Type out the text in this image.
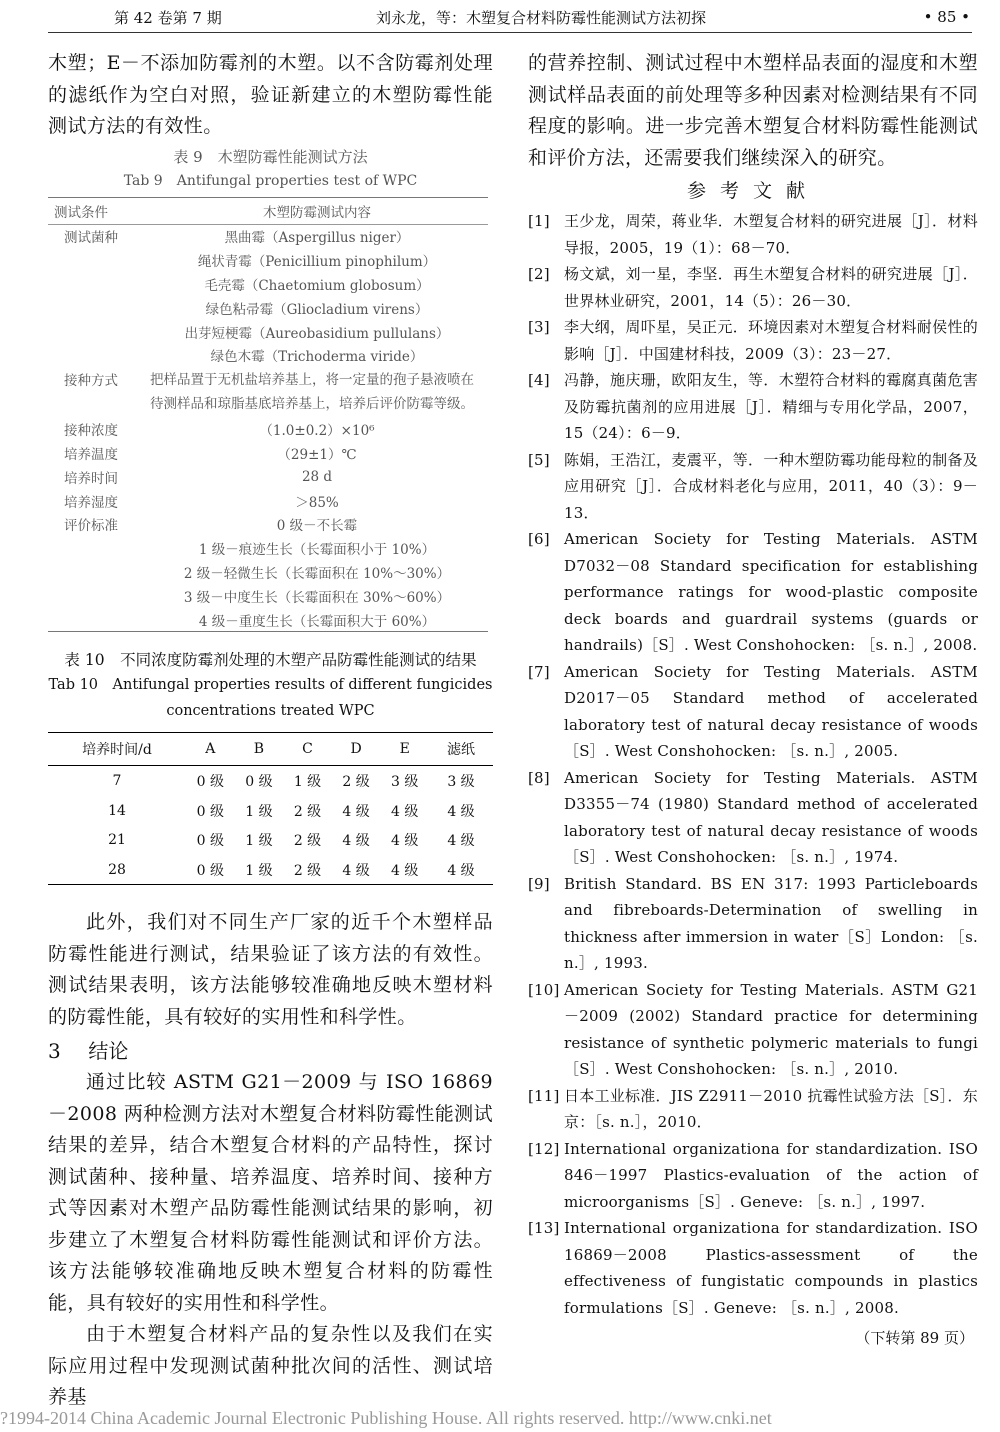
第 42 卷第 7 期	刘永龙，等：木塑复合材料防霉性能测试方法初探	• 85 •

木塑；E－不添加防霉剂的木塑。以不含防霉剂处理的滤纸作为空白对照，验证新建立的木塑防霉性能测试方法的有效性。

表 9　木塑防霉性能测试方法
Tab 9　Antifungal properties test of WPC
测试条件	木塑防霉测试内容
测试菌种	黑曲霉（Aspergillus niger）
	绳状青霉（Penicillium pinophilum）
	毛壳霉（Chaetomium globosum）
	绿色粘帚霉（Gliocladium virens）
	出芽短梗霉（Aureobasidium pullulans）
	绿色木霉（Trichoderma viride）
接种方式	把样品置于无机盐培养基上，将一定量的孢子悬液喷在待测样品和琼脂基底培养基上，培养后评价防霉等级。
接种浓度	（1.0±0.2）×10⁶
培养温度	（29±1）℃
培养时间	28 d
培养湿度	＞85%
评价标准	0 级－不长霉
	1 级－痕迹生长（长霉面积小于 10%）
	2 级－轻微生长（长霉面积在 10%～30%）
	3 级－中度生长（长霉面积在 30%～60%）
	4 级－重度生长（长霉面积大于 60%）
表 10　不同浓度防霉剂处理的木塑产品防霉性能测试的结果
Tab 10　Antifungal properties results of different fungicides
concentrations treated WPC
培养时间/d	A	B	C	D	E	滤纸
7	0 级	0 级	1 级	2 级	3 级	3 级
14	0 级	1 级	2 级	4 级	4 级	4 级
21	0 级	1 级	2 级	4 级	4 级	4 级
28	0 级	1 级	2 级	4 级	4 级	4 级

此外，我们对不同生产厂家的近千个木塑样品防霉性能进行测试，结果验证了该方法的有效性。测试结果表明，该方法能够较准确地反映木塑材料的防霉性能，具有较好的实用性和科学性。

3 结论

通过比较 ASTM G21－2009 与 ISO 16869－2008 两种检测方法对木塑复合材料防霉性能测试结果的差异，结合木塑复合材料的产品特性，探讨测试菌种、接种量、培养温度、培养时间、接种方式等因素对木塑产品防霉性能测试结果的影响，初步建立了木塑复合材料防霉性能测试和评价方法。该方法能够较准确地反映木塑复合材料的防霉性能，具有较好的实用性和科学性。

由于木塑复合材料产品的复杂性以及我们在实际应用过程中发现测试菌种批次间的活性、测试培养基

的营养控制、测试过程中木塑样品表面的湿度和木塑测试样品表面的前处理等多种因素对检测结果有不同程度的影响。进一步完善木塑复合材料防霉性能测试和评价方法，还需要我们继续深入的研究。

参考文献
[1] 王少龙，周荣，蒋业华．木塑复合材料的研究进展［J］．材料导报，2005，19（1）：68－70．
[2] 杨文斌，刘一星，李坚．再生木塑复合材料的研究进展［J］．世界林业研究，2001，14（5）：26－30．
[3] 李大纲，周吓星，吴正元．环境因素对木塑复合材料耐侯性的影响［J］．中国建材科技，2009（3）：23－27．
[4] 冯静，施庆珊，欧阳友生，等．木塑符合材料的霉腐真菌危害及防霉抗菌剂的应用进展［J］．精细与专用化学品，2007，15（24）：6－9．
[5] 陈娟，王浩江，麦震平，等．一种木塑防霉功能母粒的制备及应用研究［J］．合成材料老化与应用，2011，40（3）：9－13．
[6] American Society for Testing Materials. ASTM D7032－08 Standard specification for establishing performance ratings for wood-plastic composite deck boards and guardrail systems (guards or handrails)［S］. West Conshohocken: ［s. n.］, 2008.
[7] American Society for Testing Materials. ASTM D2017－05 Standard method of accelerated laboratory test of natural decay resistance of woods［S］. West Conshohocken: ［s. n.］, 2005.
[8] American Society for Testing Materials. ASTM D3355－74 (1980) Standard method of accelerated laboratory test of natural decay resistance of woods［S］. West Conshohocken: ［s. n.］, 1974.
[9] British Standard. BS EN 317: 1993 Particleboards and fibreboards-Determination of swelling in thickness after immersion in water［S］London: ［s. n.］, 1993.
[10] American Society for Testing Materials. ASTM G21－2009 (2002) Standard practice for determining resistance of synthetic polymeric materials to fungi［S］. West Conshohocken: ［s. n.］, 2010.
[11] 日本工业标准．JIS Z2911－2010 抗霉性试验方法［S］．东京：［s. n.］，2010．
[12] International organizationa for standardization. ISO 846－1997 Plastics-evaluation of the action of microorganisms［S］. Geneve: ［s. n.］, 1997.
[13] International organizationa for standardization. ISO 16869－2008 Plastics-assessment of the effectiveness of fungistatic compounds in plastics formulations［S］. Geneve: ［s. n.］, 2008.
（下转第 89 页）
?1994-2014 China Academic Journal Electronic Publishing House. All rights reserved. http://www.cnki.net
